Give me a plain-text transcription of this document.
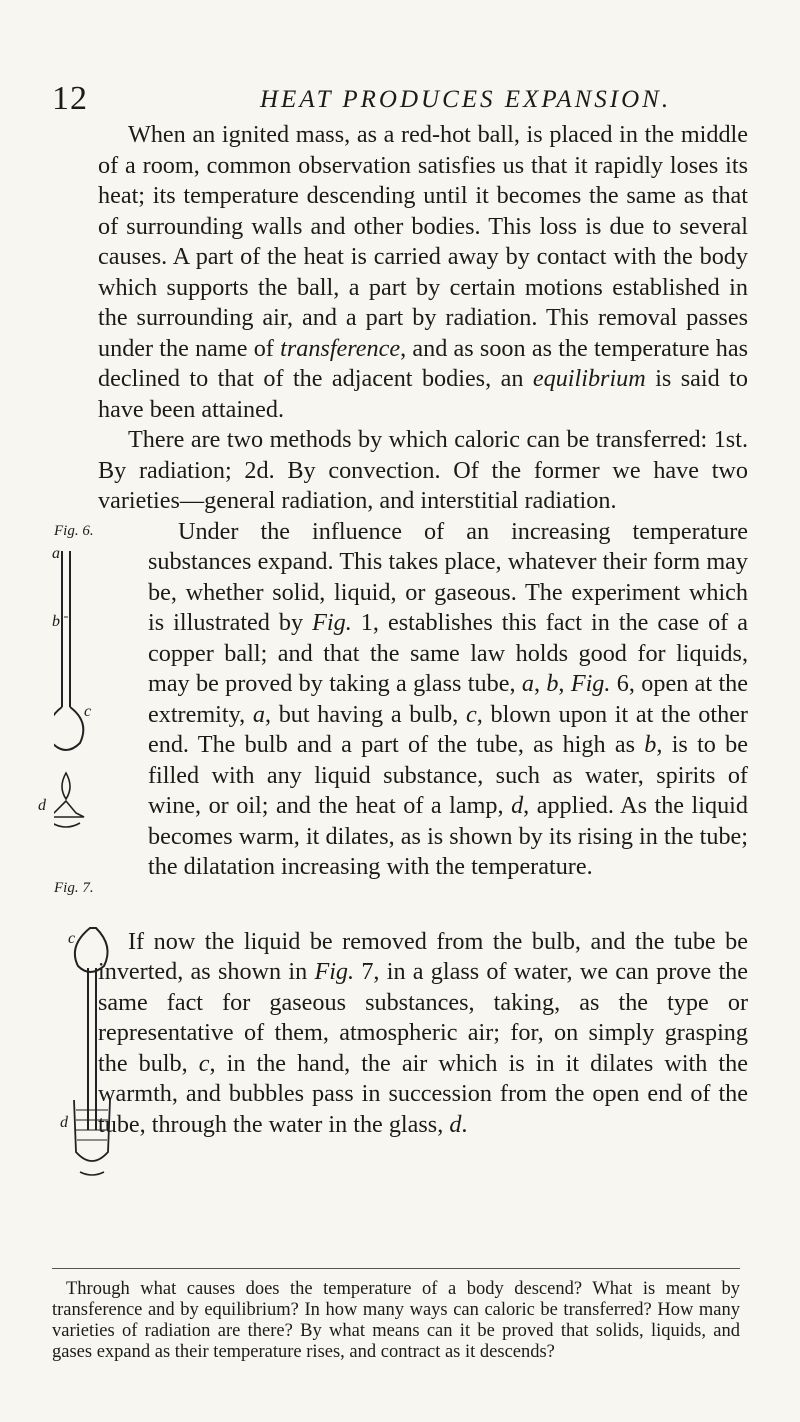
12	HEAT PRODUCES EXPANSION.

When an ignited mass, as a red-hot ball, is placed in the middle of a room, common observation satisfies us that it rapidly loses its heat; its temperature descending until it becomes the same as that of surrounding walls and other bodies. This loss is due to several causes. A part of the heat is carried away by contact with the body which supports the ball, a part by certain motions established in the surrounding air, and a part by radiation. This removal passes under the name of transference, and as soon as the temperature has declined to that of the adjacent bodies, an equilibrium is said to have been attained.

There are two methods by which caloric can be transferred: 1st. By radiation; 2d. By convection. Of the former we have two varieties—general radiation, and interstitial radiation.

Fig. 6.
a
b
c
d

Under the influence of an increasing temperature substances expand. This takes place, whatever their form may be, whether solid, liquid, or gaseous. The experiment which is illustrated by Fig. 1, establishes this fact in the case of a copper ball; and that the same law holds good for liquids, may be proved by taking a glass tube, a, b, Fig. 6, open at the extremity, a, but having a bulb, c, blown upon it at the other end. The bulb and a part of the tube, as high as b, is to be filled with any liquid substance, such as water, spirits of wine, or oil; and the heat of a lamp, d, applied. As the liquid becomes warm, it dilates, as is shown by its rising in the tube; the dilatation increasing with the temperature.

If now the liquid be removed from the bulb, and the tube be inverted, as shown in Fig. 7, in a glass of water, we can prove the same fact for gaseous substances, taking, as the type or representative of them, atmospheric air; for, on simply grasping the bulb, c, in the hand, the air which is in it dilates with the warmth, and bubbles pass in succession from the open end of the tube, through the water in the glass, d.

Fig. 7.
c
d

Through what causes does the temperature of a body descend? What is meant by transference and by equilibrium? In how many ways can caloric be transferred? How many varieties of radiation are there? By what means can it be proved that solids, liquids, and gases expand as their temperature rises, and contract as it descends?
